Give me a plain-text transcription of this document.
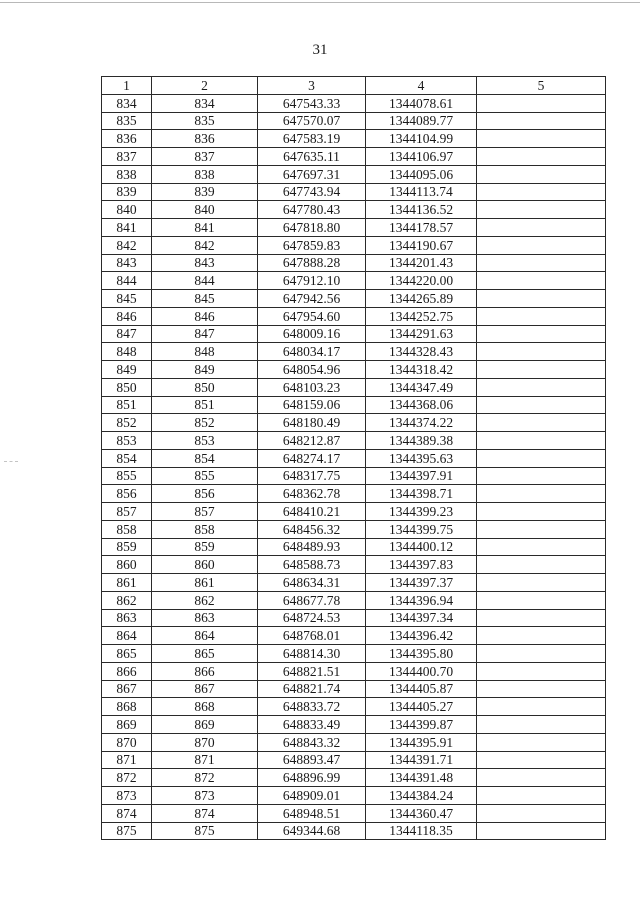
31
1	2	3	4	5
834	834	647543.33	1344078.61	
835	835	647570.07	1344089.77	
836	836	647583.19	1344104.99	
837	837	647635.11	1344106.97	
838	838	647697.31	1344095.06	
839	839	647743.94	1344113.74	
840	840	647780.43	1344136.52	
841	841	647818.80	1344178.57	
842	842	647859.83	1344190.67	
843	843	647888.28	1344201.43	
844	844	647912.10	1344220.00	
845	845	647942.56	1344265.89	
846	846	647954.60	1344252.75	
847	847	648009.16	1344291.63	
848	848	648034.17	1344328.43	
849	849	648054.96	1344318.42	
850	850	648103.23	1344347.49	
851	851	648159.06	1344368.06	
852	852	648180.49	1344374.22	
853	853	648212.87	1344389.38	
854	854	648274.17	1344395.63	
855	855	648317.75	1344397.91	
856	856	648362.78	1344398.71	
857	857	648410.21	1344399.23	
858	858	648456.32	1344399.75	
859	859	648489.93	1344400.12	
860	860	648588.73	1344397.83	
861	861	648634.31	1344397.37	
862	862	648677.78	1344396.94	
863	863	648724.53	1344397.34	
864	864	648768.01	1344396.42	
865	865	648814.30	1344395.80	
866	866	648821.51	1344400.70	
867	867	648821.74	1344405.87	
868	868	648833.72	1344405.27	
869	869	648833.49	1344399.87	
870	870	648843.32	1344395.91	
871	871	648893.47	1344391.71	
872	872	648896.99	1344391.48	
873	873	648909.01	1344384.24	
874	874	648948.51	1344360.47	
875	875	649344.68	1344118.35	
